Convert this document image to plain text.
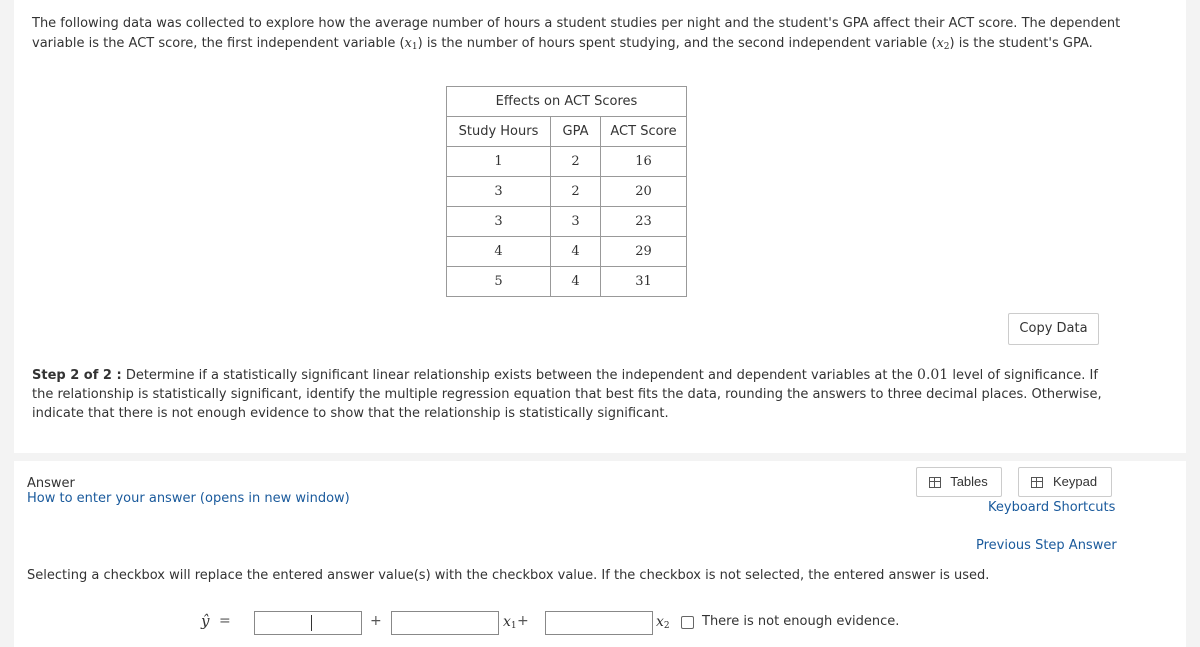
The following data was collected to explore how the average number of hours a student studies per night and the student's GPA affect their ACT score. The dependent variable is the ACT score, the first independent variable $(x_1)$ is the number of hours spent studying, and the second independent variable $(x_2)$ is the student's GPA.

Effects on ACT Scores		
Study Hours	GPA	ACT Score
1	2	16
3	2	20
3	3	23
4	4	29
5	4	31
Copy Data

Step 2 of 2 : Determine if a statistically significant linear relationship exists between the independent and dependent variables at the 0.01 level of significance. If the relationship is statistically significant, identify the multiple regression equation that best fits the data, rounding the answers to three decimal places. Otherwise, indicate that there is not enough evidence to show that the relationship is statistically significant.

Answer
How to enter your answer (opens in new window)
Tables	Keypad
Keyboard Shortcuts
Previous Step Answer
Selecting a checkbox will replace the entered answer value(s) with the checkbox value. If the checkbox is not selected, the entered answer is used.
ŷ =	+	$x_1$ +	$x_2$ There is not enough evidence.
